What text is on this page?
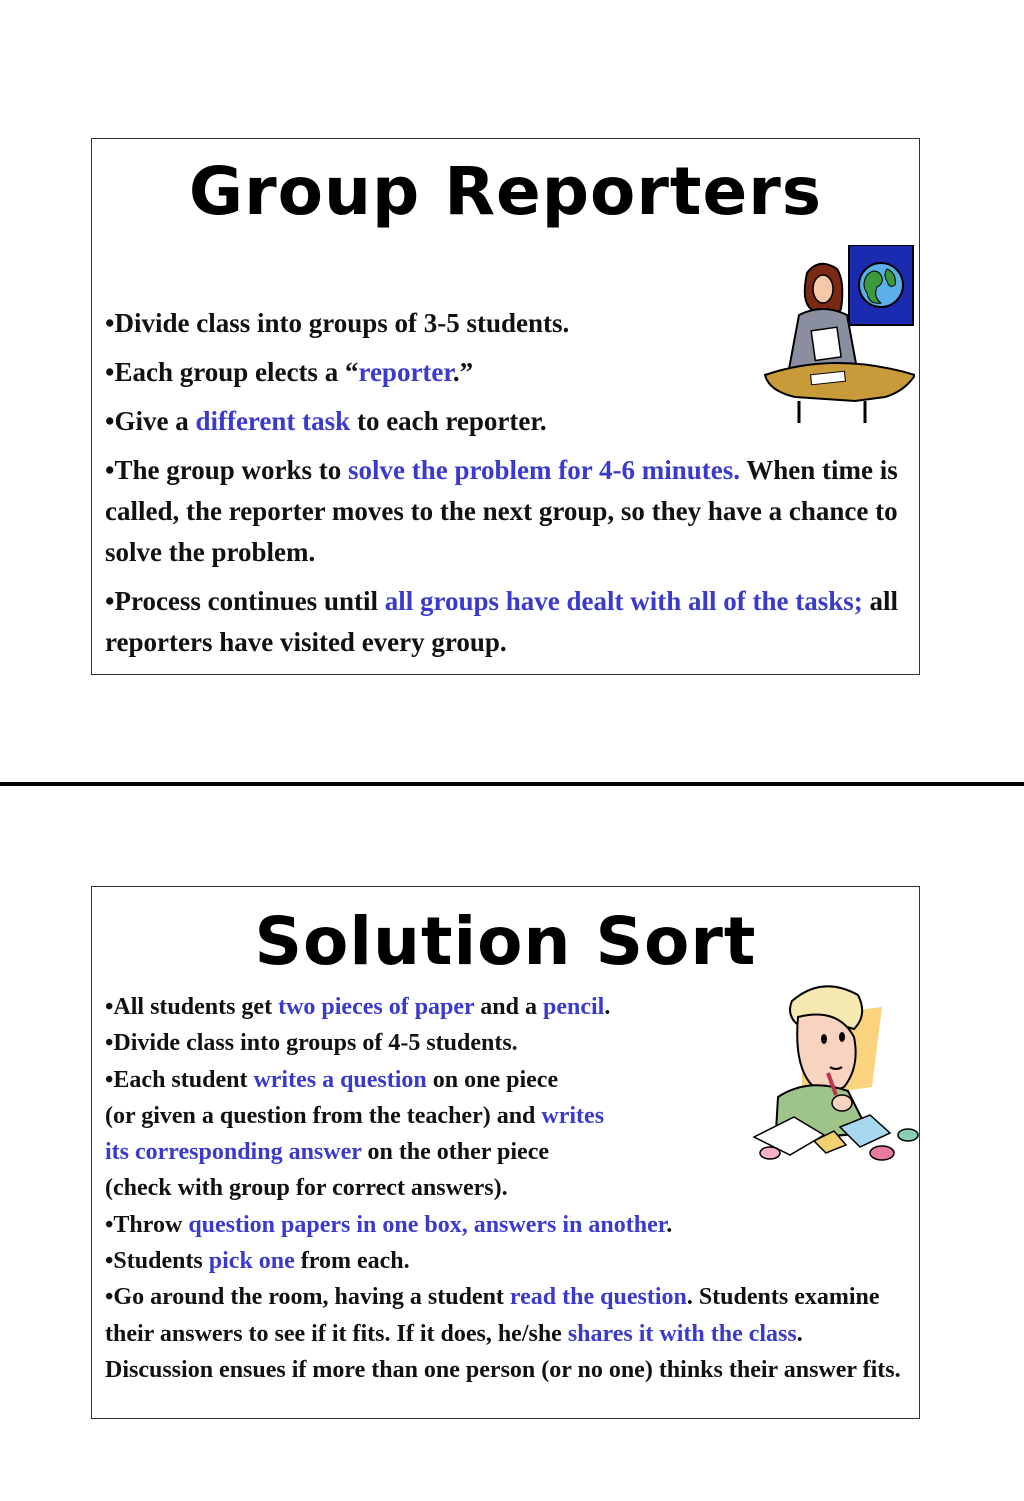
Group Reporters

•Divide class into groups of 3-5 students.

•Each group elects a “reporter.”

•Give a different task to each reporter.

•The group works to solve the problem for 4-6 minutes. When time is called, the reporter moves to the next group, so they have a chance to solve the problem.

•Process continues until all groups have dealt with all of the tasks; all reporters have visited every group.

Solution Sort

•All students get two pieces of paper and a pencil.

•Divide class into groups of 4-5 students.

•Each student writes a question on one piece
(or given a question from the teacher) and writes
its corresponding answer on the other piece
(check with group for correct answers).

•Throw question papers in one box, answers in another.

•Students pick one from each.

•Go around the room, having a student read the question. Students examine their answers to see if it fits. If it does, he/she shares it with the class. Discussion ensues if more than one person (or no one) thinks their answer fits.
